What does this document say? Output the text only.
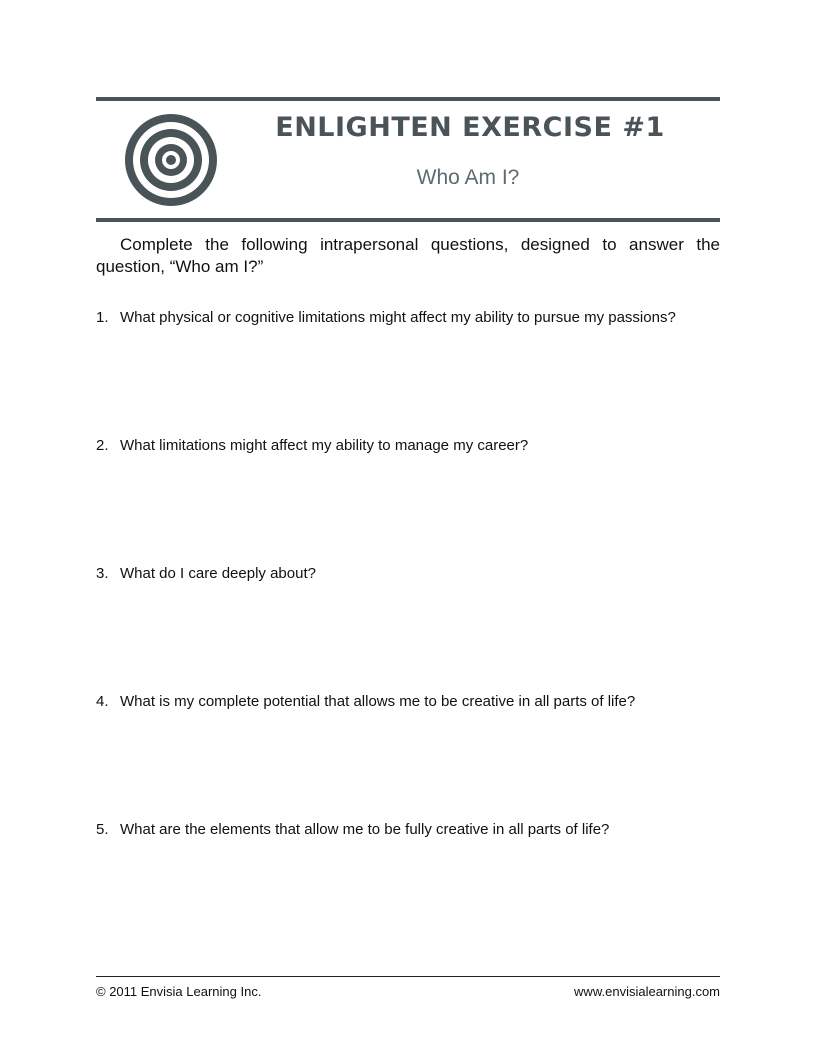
ENLIGHTEN EXERCISE #1
Who Am I?

Complete the following intrapersonal questions, designed to answer the question, “Who am I?”

1. What physical or cognitive limitations might affect my ability to pursue my passions?
2. What limitations might affect my ability to manage my career?
3. What do I care deeply about?
4. What is my complete potential that allows me to be creative in all parts of life?
5. What are the elements that allow me to be fully creative in all parts of life?
© 2011 Envisia Learning Inc.	www.envisialearning.com
